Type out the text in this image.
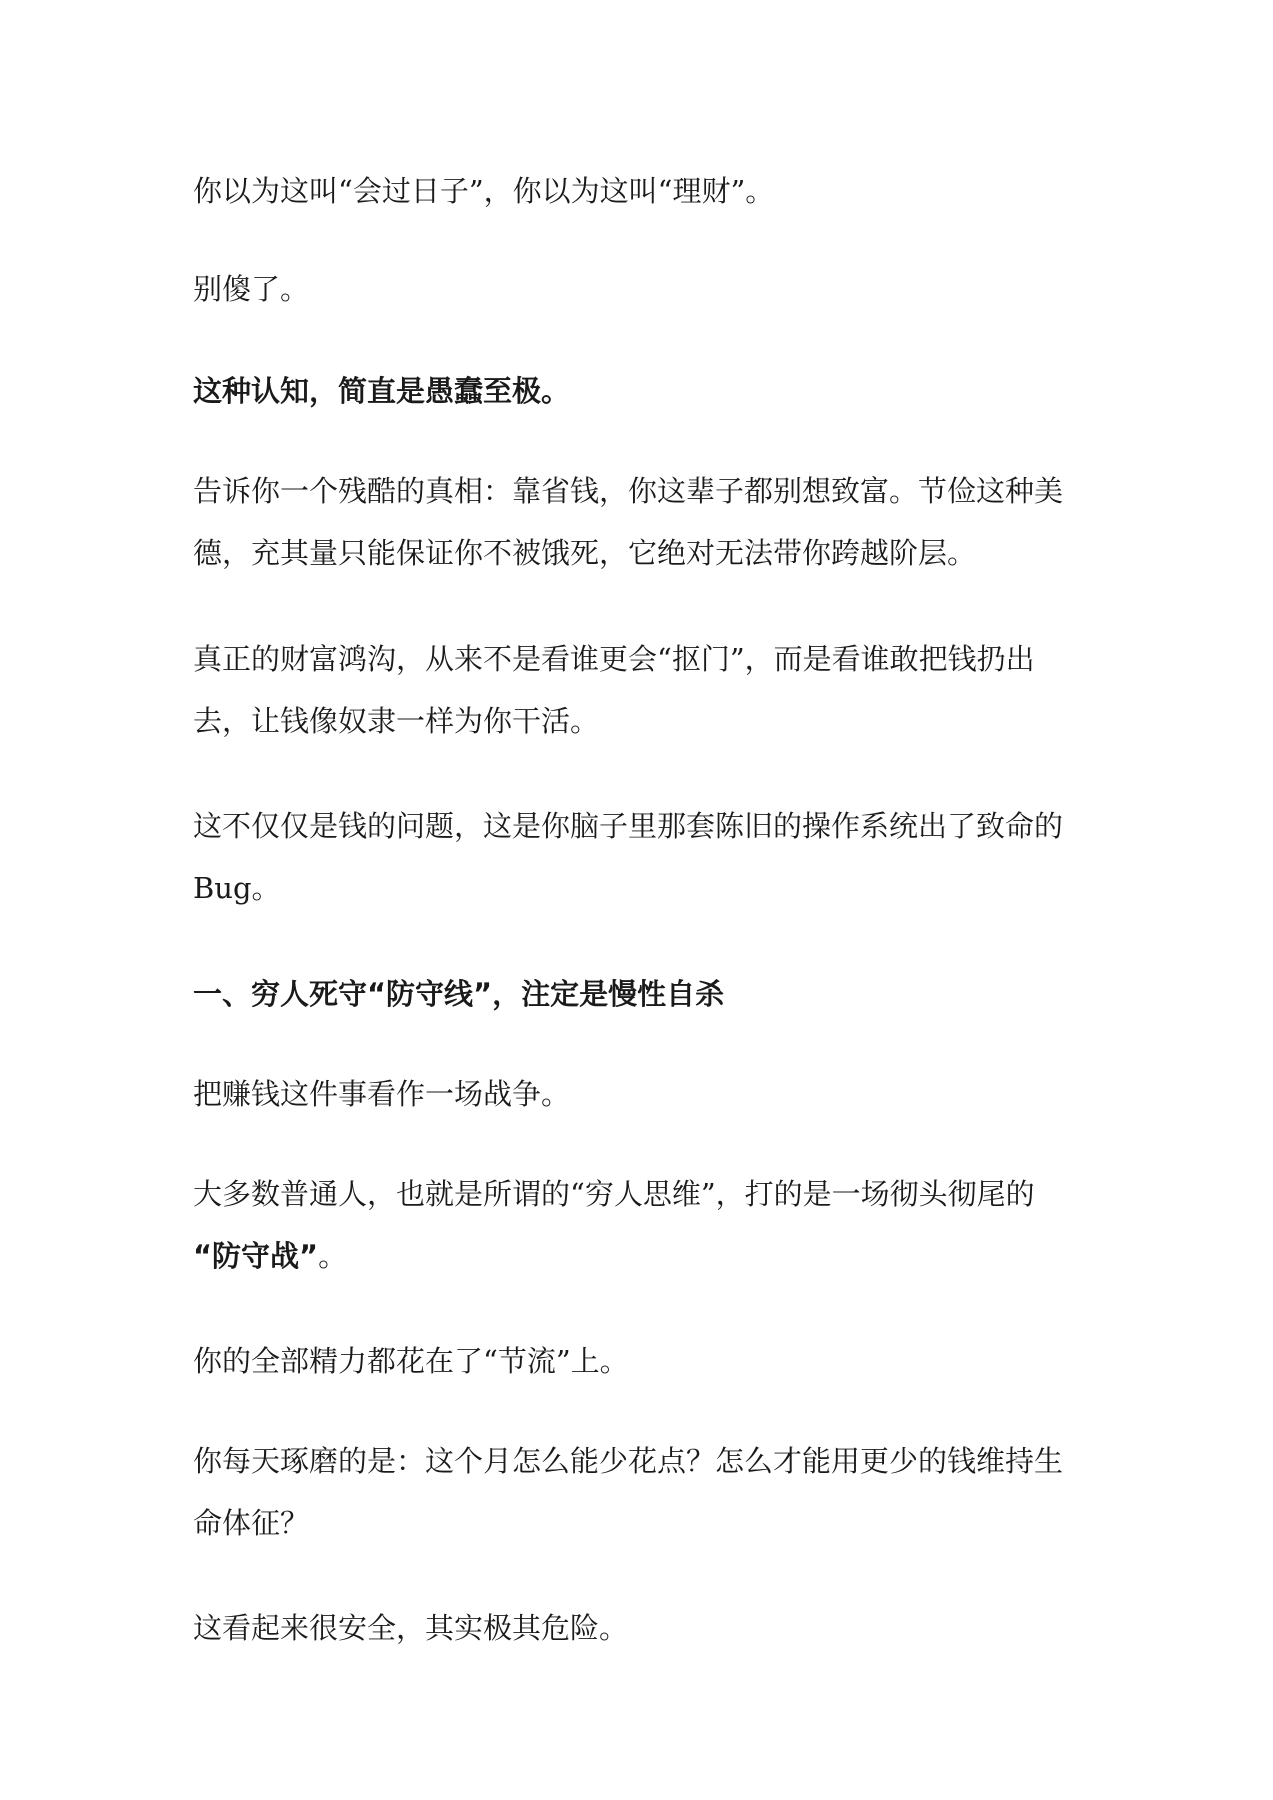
你以为这叫“会过日子”，你以为这叫“理财”。

别傻了。

这种认知，简直是愚蠢至极。

告诉你一个残酷的真相：靠省钱，你这辈子都别想致富。节俭这种美
德，充其量只能保证你不被饿死，它绝对无法带你跨越阶层。

真正的财富鸿沟，从来不是看谁更会“抠门”，而是看谁敢把钱扔出
去，让钱像奴隶一样为你干活。

这不仅仅是钱的问题，这是你脑子里那套陈旧的操作系统出了致命的
Bug。

一、穷人死守“防守线”，注定是慢性自杀

把赚钱这件事看作一场战争。

大多数普通人，也就是所谓的“穷人思维”，打的是一场彻头彻尾的
“防守战”。

你的全部精力都花在了“节流”上。

你每天琢磨的是：这个月怎么能少花点？怎么才能用更少的钱维持生
命体征？

这看起来很安全，其实极其危险。
